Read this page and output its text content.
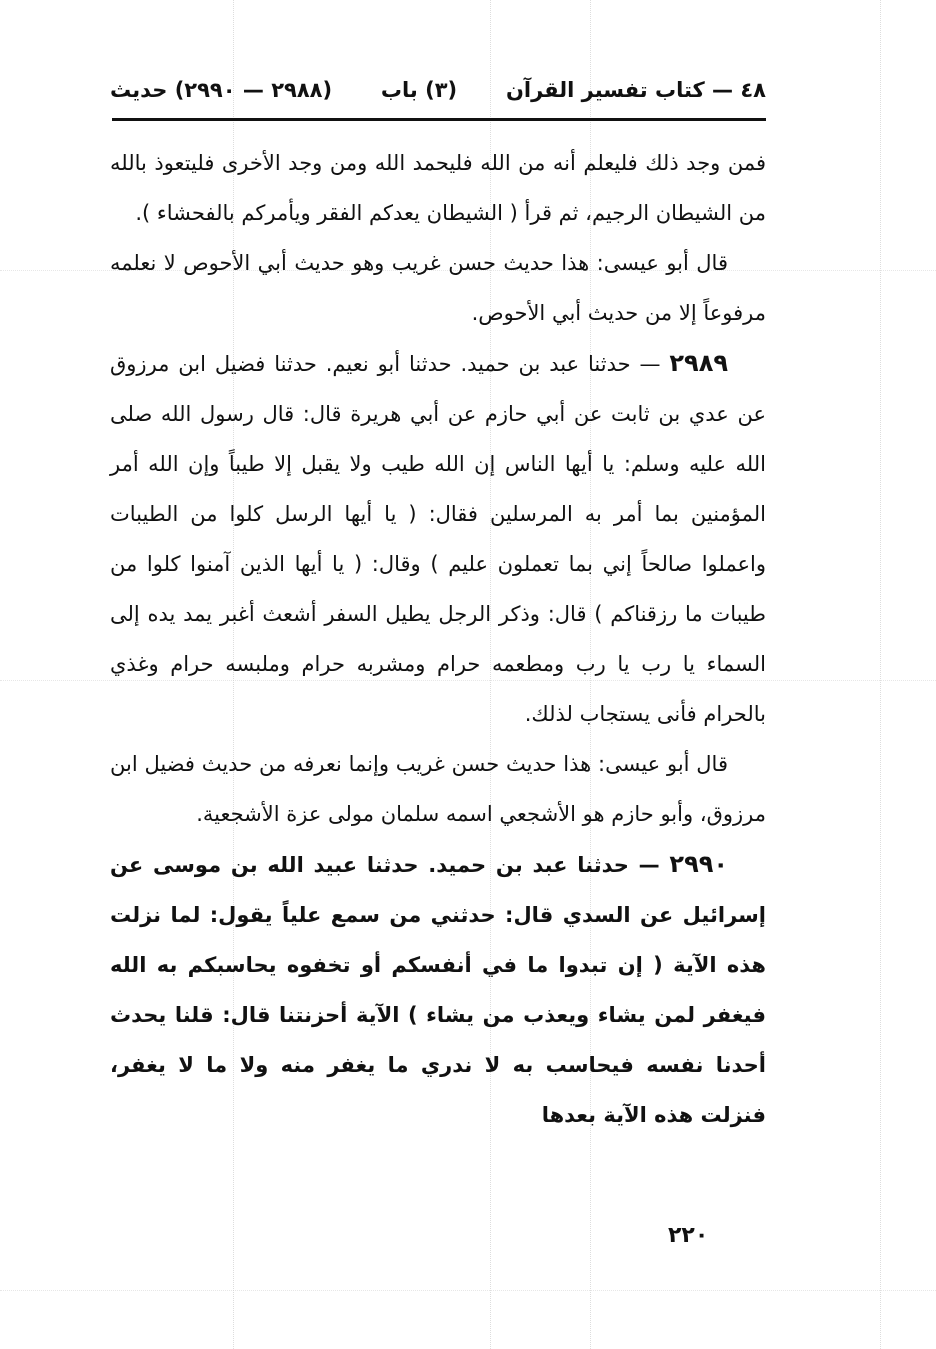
٤٨ — كتاب تفسير القرآن
(٣) باب
(٢٩٨٨ — ٢٩٩٠) حديث

فمن وجد ذلك فليعلم أنه من الله فليحمد الله ومن وجد الأخرى فليتعوذ بالله من الشيطان الرجيم، ثم قرأ ( الشيطان يعدكم الفقر ويأمركم بالفحشاء ).

قال أبو عيسى: هذا حديث حسن غريب وهو حديث أبي الأحوص لا نعلمه مرفوعاً إلا من حديث أبي الأحوص.

٢٩٨٩ — حدثنا عبد بن حميد. حدثنا أبو نعيم. حدثنا فضيل ابن مرزوق عن عدي بن ثابت عن أبي حازم عن أبي هريرة قال: قال رسول الله صلى الله عليه وسلم: يا أيها الناس إن الله طيب ولا يقبل إلا طيباً وإن الله أمر المؤمنين بما أمر به المرسلين فقال: ( يا أيها الرسل كلوا من الطيبات واعملوا صالحاً إني بما تعملون عليم ) وقال: ( يا أيها الذين آمنوا كلوا من طيبات ما رزقناكم ) قال: وذكر الرجل يطيل السفر أشعث أغبر يمد يده إلى السماء يا رب يا رب ومطعمه حرام ومشربه حرام وملبسه حرام وغذي بالحرام فأنى يستجاب لذلك.

قال أبو عيسى: هذا حديث حسن غريب وإنما نعرفه من حديث فضيل ابن مرزوق، وأبو حازم هو الأشجعي اسمه سلمان مولى عزة الأشجعية.

٢٩٩٠ — حدثنا عبد بن حميد. حدثنا عبيد الله بن موسى عن إسرائيل عن السدي قال: حدثني من سمع علياً يقول: لما نزلت هذه الآية ( إن تبدوا ما في أنفسكم أو تخفوه يحاسبكم به الله فيغفر لمن يشاء ويعذب من يشاء ) الآية أحزنتنا قال: قلنا يحدث أحدنا نفسه فيحاسب به لا ندري ما يغفر منه ولا ما لا يغفر، فنزلت هذه الآية بعدها

٢٢٠
